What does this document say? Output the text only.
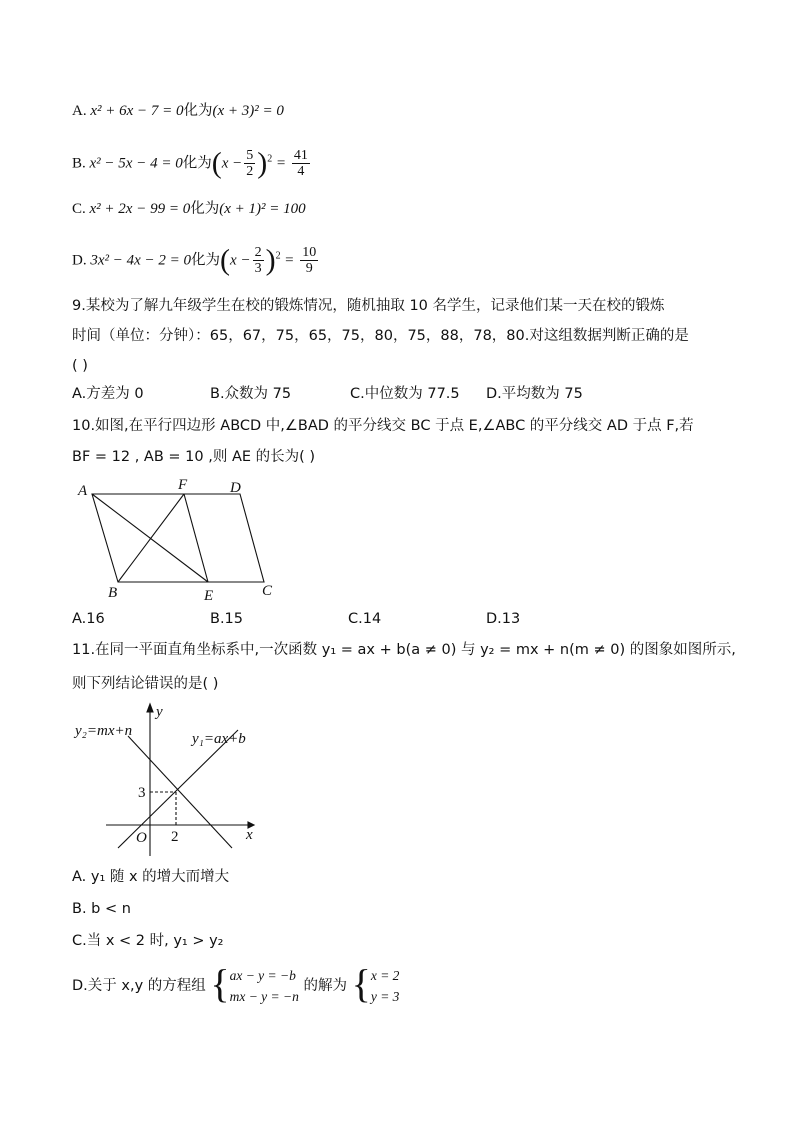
A. x² + 6x − 7 = 0化为(x + 3)² = 0
B. x² − 5x − 4 = 0化为$(x - \frac{5}{2} )^2 = \frac{41}{4}$
C. x² + 2x − 99 = 0化为(x + 1)² = 100
D. 3x² − 4x − 2 = 0化为$(x - \frac{2}{3} )^2 = \frac{10}{9}$
9.某校为了解九年级学生在校的锻炼情况，随机抽取 10 名学生，记录他们某一天在校的锻炼
时间（单位：分钟）：65，67，75，65，75，80，75，88，78，80.对这组数据判断正确的是
( )
A.方差为 0	B.众数为 75	C.中位数为 77.5 D.平均数为 75
10.如图,在平行四边形 ABCD 中,∠BAD 的平分线交 BC 于点 E,∠ABC 的平分线交 AD 于点 F,若
BF = 12 , AB = 10 ,则 AE 的长为( )
A	F	D
B	E	C
A.16	B.15	C.14	D.13
11.在同一平面直角坐标系中,一次函数 y₁ = ax + b(a ≠ 0) 与 y₂ = mx + n(m ≠ 0) 的图象如图所示,
则下列结论错误的是( )
y
x
O
y₂=mx+n	y₁=ax+b
3
2
A. y₁ 随 x 的增大而增大
B. b < n
C.当 x < 2 时, y₁ > y₂
D.关于 x,y 的方程组 { ax − y = −b
mx − y = −n
的解为 { x = 2
y = 3
